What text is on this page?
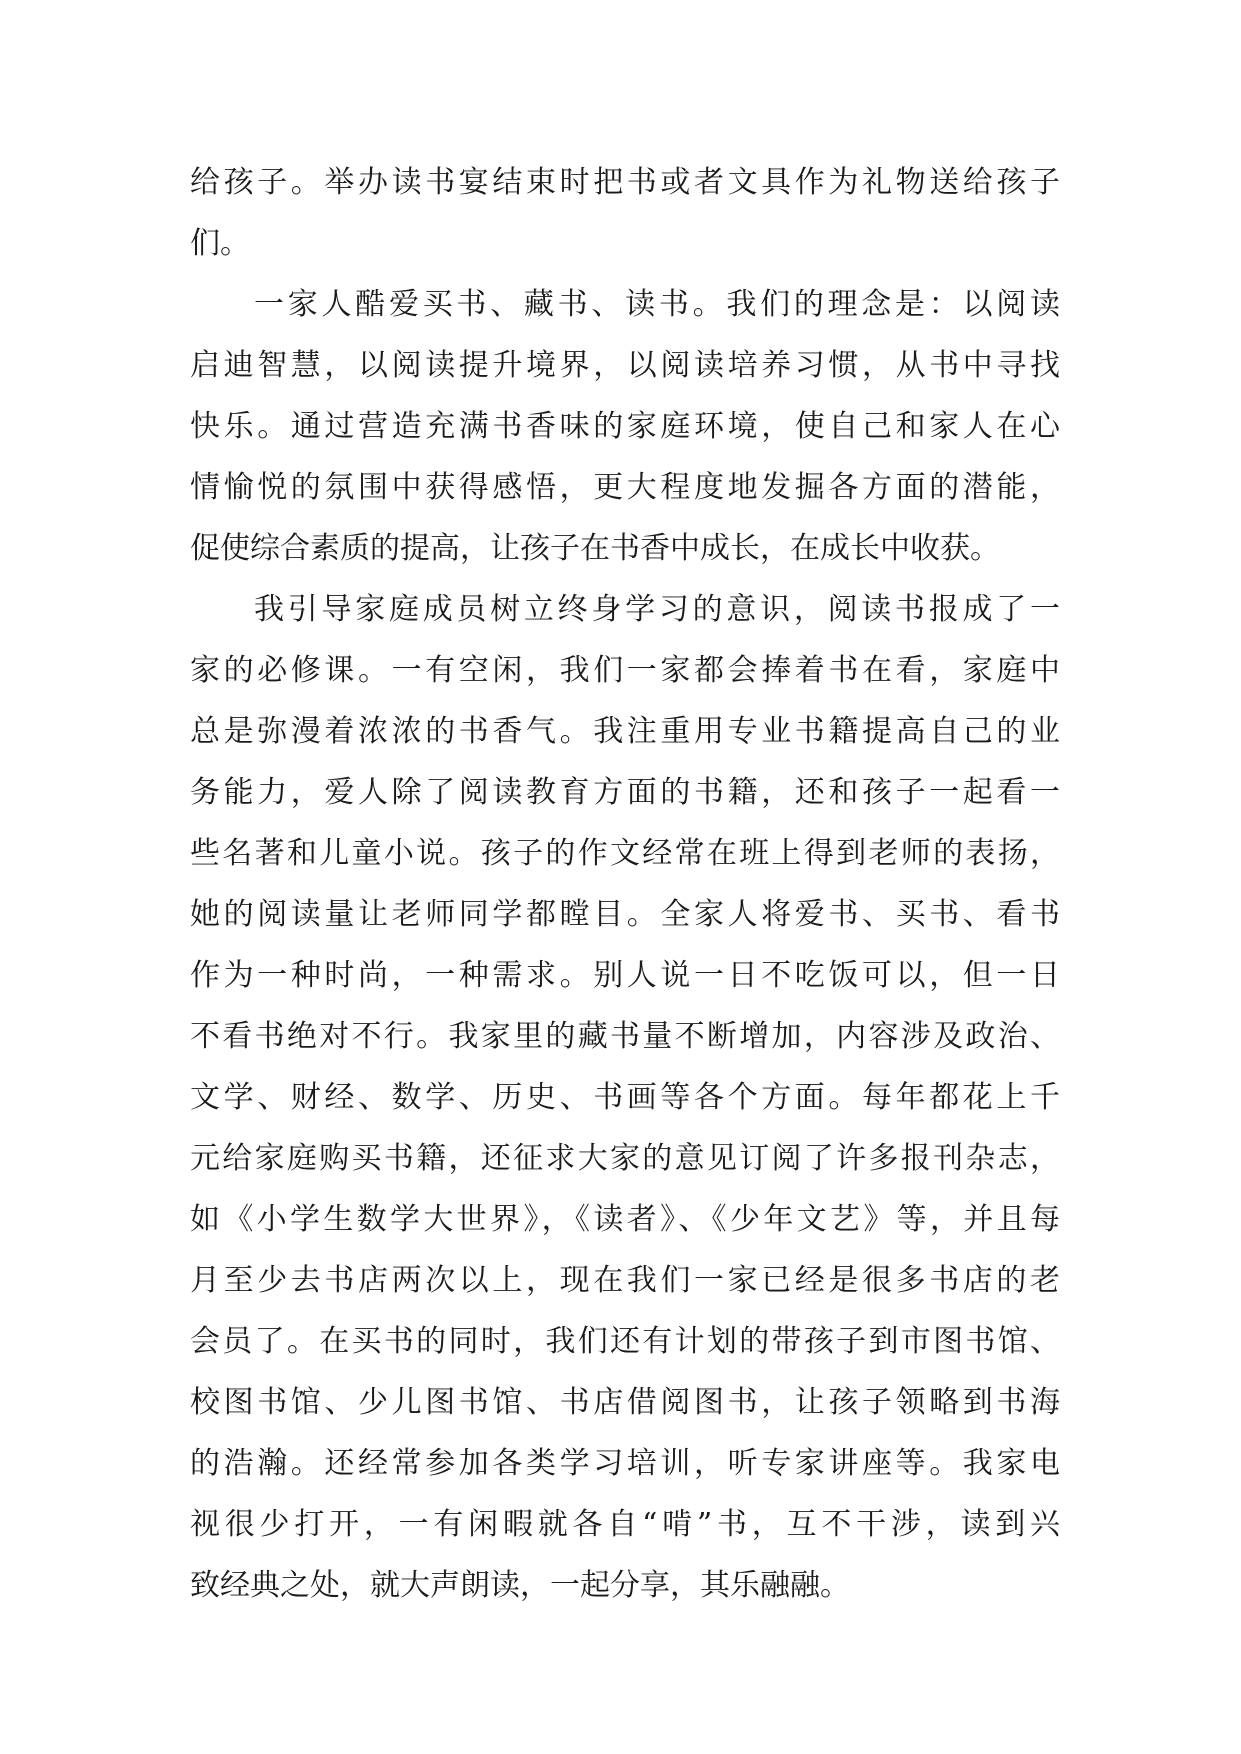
给孩子。举办读书宴结束时把书或者文具作为礼物送给孩子
们。
一家人酷爱买书、藏书、读书。我们的理念是：以阅读
启迪智慧，以阅读提升境界，以阅读培养习惯，从书中寻找
快乐。通过营造充满书香味的家庭环境，使自己和家人在心
情愉悦的氛围中获得感悟，更大程度地发掘各方面的潜能，
促使综合素质的提高，让孩子在书香中成长，在成长中收获。
我引导家庭成员树立终身学习的意识，阅读书报成了一
家的必修课。一有空闲，我们一家都会捧着书在看，家庭中
总是弥漫着浓浓的书香气。我注重用专业书籍提高自己的业
务能力，爱人除了阅读教育方面的书籍，还和孩子一起看一
些名著和儿童小说。孩子的作文经常在班上得到老师的表扬，
她的阅读量让老师同学都瞠目。全家人将爱书、买书、看书
作为一种时尚，一种需求。别人说一日不吃饭可以，但一日
不看书绝对不行。我家里的藏书量不断增加，内容涉及政治、
文学、财经、数学、历史、书画等各个方面。每年都花上千
元给家庭购买书籍，还征求大家的意见订阅了许多报刊杂志，
如《小学生数学大世界》，《读者》、《少年文艺》等，并且每
月至少去书店两次以上，现在我们一家已经是很多书店的老
会员了。在买书的同时，我们还有计划的带孩子到市图书馆、
校图书馆、少儿图书馆、书店借阅图书，让孩子领略到书海
的浩瀚。还经常参加各类学习培训，听专家讲座等。我家电
视很少打开，一有闲暇就各自“啃”书，互不干涉，读到兴
致经典之处，就大声朗读，一起分享，其乐融融。
